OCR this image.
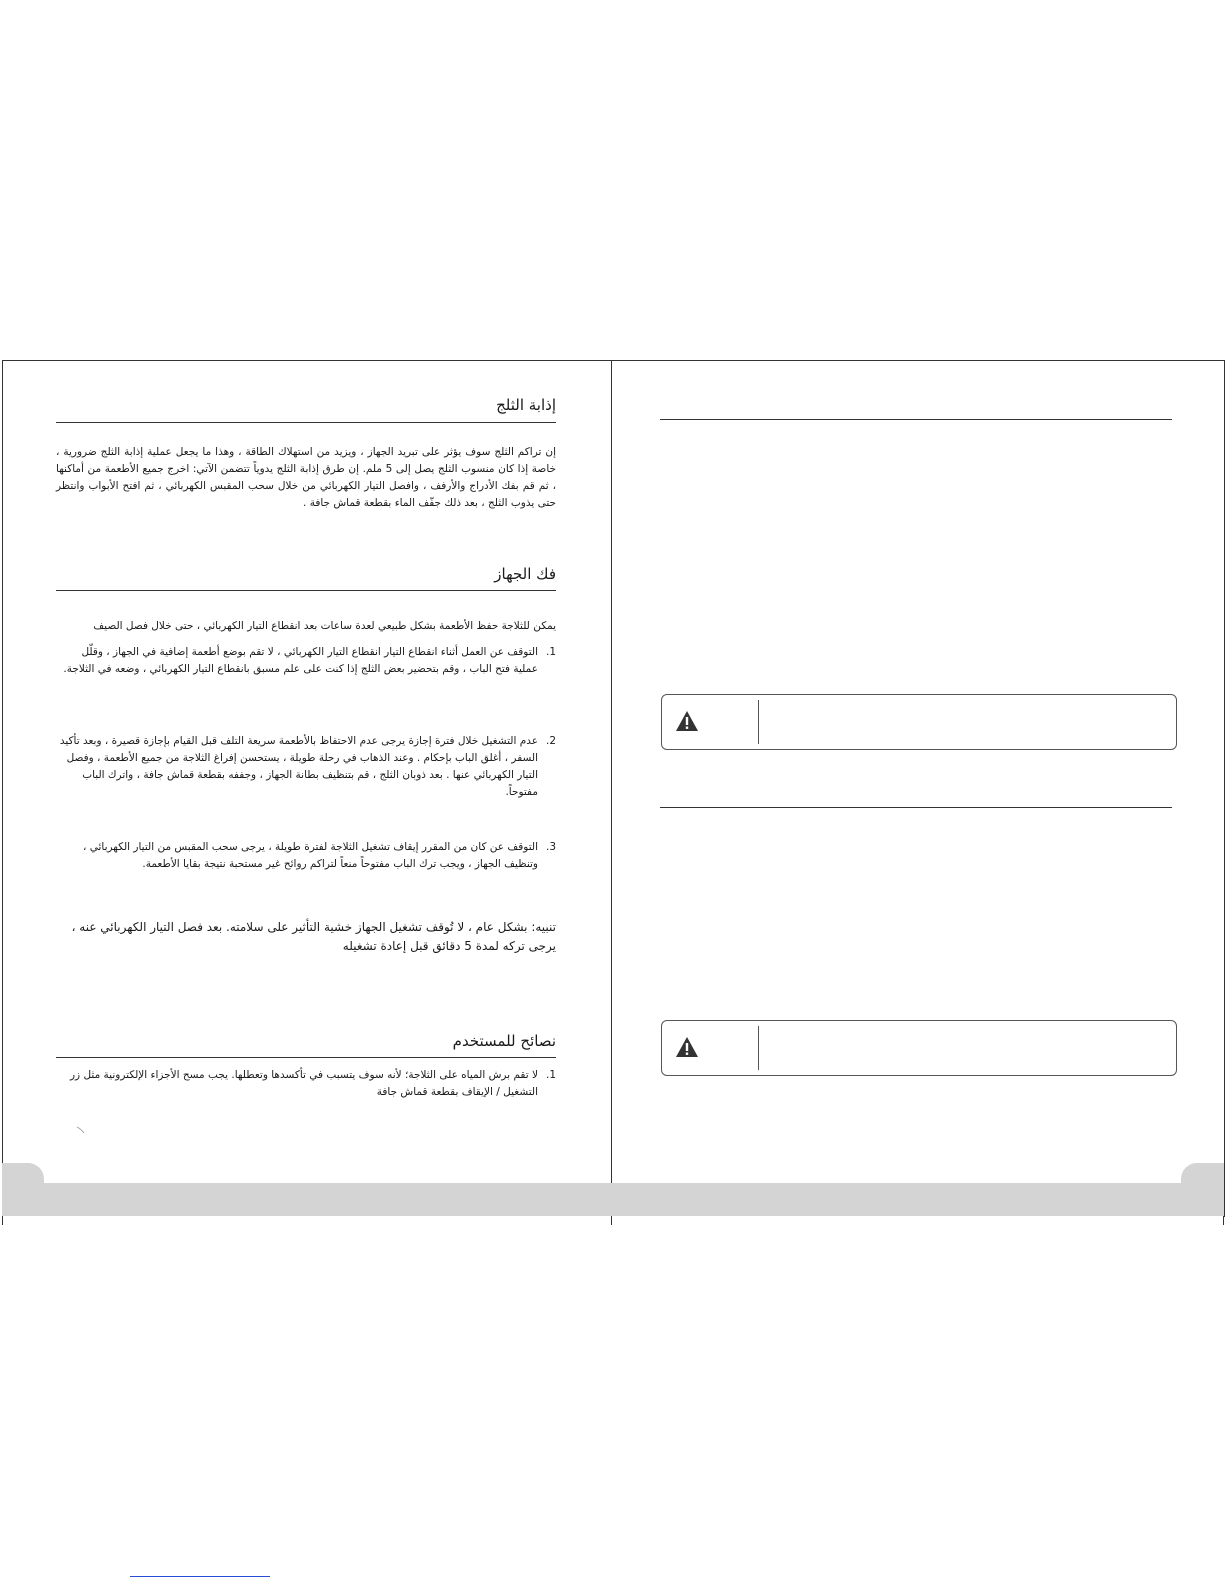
إذابة الثلج

إن تراكم الثلج سوف يؤثر على تبريد الجهاز ، ويزيد من استهلاك الطاقة ، وهذا ما يجعل عملية إذابة الثلج ضرورية ، خاصة إذا كان منسوب الثلج يصل إلى 5 ملم. إن طرق إذابة الثلج يدوياً تتضمن الآتي: اخرج جميع الأطعمة من أماكنها ، ثم قم بفك الأدراج والأرفف ، وافصل التيار الكهربائي من خلال سحب المقبس الكهربائي ، ثم افتح الأبواب وانتظر حتى يذوب الثلج ، بعد ذلك جفّف الماء بقطعة قماش جافة .

فك الجهاز

يمكن للثلاجة حفظ الأطعمة بشكل طبيعي لعدة ساعات بعد انقطاع التيار الكهربائي ، حتى خلال فصل الصيف

1.
التوقف عن العمل أثناء انقطاع التيار انقطاع التيار الكهربائي ، لا تقم بوضع أطعمة إضافية في الجهاز ، وقلّل عملية فتح الباب ، وقم بتحضير بعض الثلج إذا كنت على علم مسبق بانقطاع التيار الكهربائي ، وضعه في الثلاجة.
2.
عدم التشغيل خلال فترة إجازة يرجى عدم الاحتفاظ بالأطعمة سريعة التلف قبل القيام بإجازة قصيرة ، وبعد تأكيد السفر ، أغلق الباب بإحكام . وعند الذهاب في رحلة طويلة ، يستحسن إفراغ الثلاجة من جميع الأطعمة ، وفصل التيار الكهربائي عنها . بعد ذوبان الثلج ، قم بتنظيف بطانة الجهاز ، وجففه بقطعة قماش جافة ، واترك الباب مفتوحاً.
3.
التوقف عن كان من المقرر إيقاف تشغيل الثلاجة لفترة طويلة ، يرجى سحب المقبس من التيار الكهربائي ، وتنظيف الجهاز ، ويجب ترك الباب مفتوحاً منعاً لتراكم روائح غير مستحبة نتيجة بقايا الأطعمة.

تنبيه: بشكل عام ، لا تُوقف تشغيل الجهاز خشية التأثير على سلامته. بعد فصل التيار الكهربائي عنه ، يرجى تركه لمدة 5 دقائق قبل إعادة تشغيله

نصائح للمستخدم
1.
لا تقم برش المياه على الثلاجة؛ لأنه سوف يتسبب في تأكسدها وتعطلها. يجب مسح الأجزاء الإلكترونية مثل زر التشغيل / الإيقاف بقطعة قماش جافة
